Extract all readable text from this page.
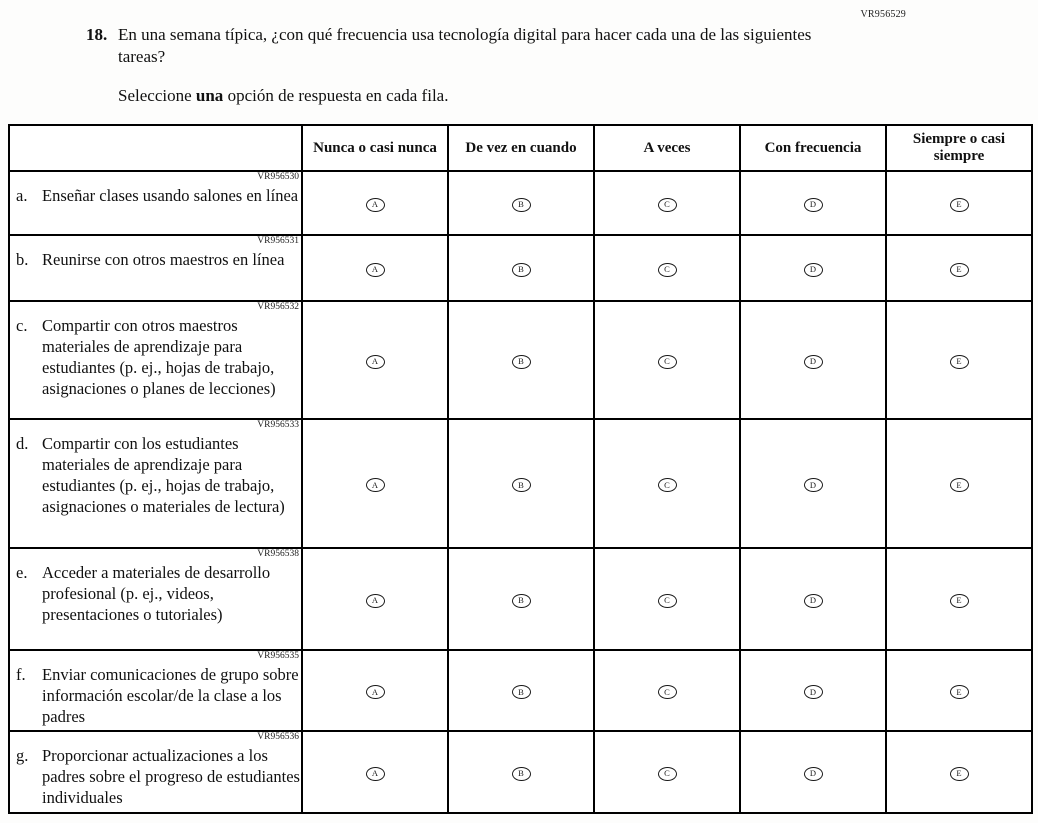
VR956529
18. En una semana típica, ¿con qué frecuencia usa tecnología digital para hacer cada una de las siguientes tareas?

Seleccione una opción de respuesta en cada fila.

	Nunca o casi nunca	De vez en cuando	A veces	Con frecuencia	Siempre o casi siempre

VR956530
a. Enseñar clases usando salones en línea	A	B	C	D	E

VR956531
b. Reunirse con otros maestros en línea	A	B	C	D	E

VR956532
c. Compartir con otros maestros materiales de aprendizaje para estudiantes (p. ej., hojas de trabajo, asignaciones o planes de lecciones)	A	B	C	D	E

VR956533
d. Compartir con los estudiantes materiales de aprendizaje para estudiantes (p. ej., hojas de trabajo, asignaciones o materiales de lectura)	A	B	C	D	E

VR956538
e. Acceder a materiales de desarrollo profesional (p. ej., videos, presentaciones o tutoriales)	A	B	C	D	E

VR956535
f. Enviar comunicaciones de grupo sobre información escolar/de la clase a los padres	A	B	C	D	E

VR956536
g. Proporcionar actualizaciones a los padres sobre el progreso de estudiantes individuales	A	B	C	D	E
